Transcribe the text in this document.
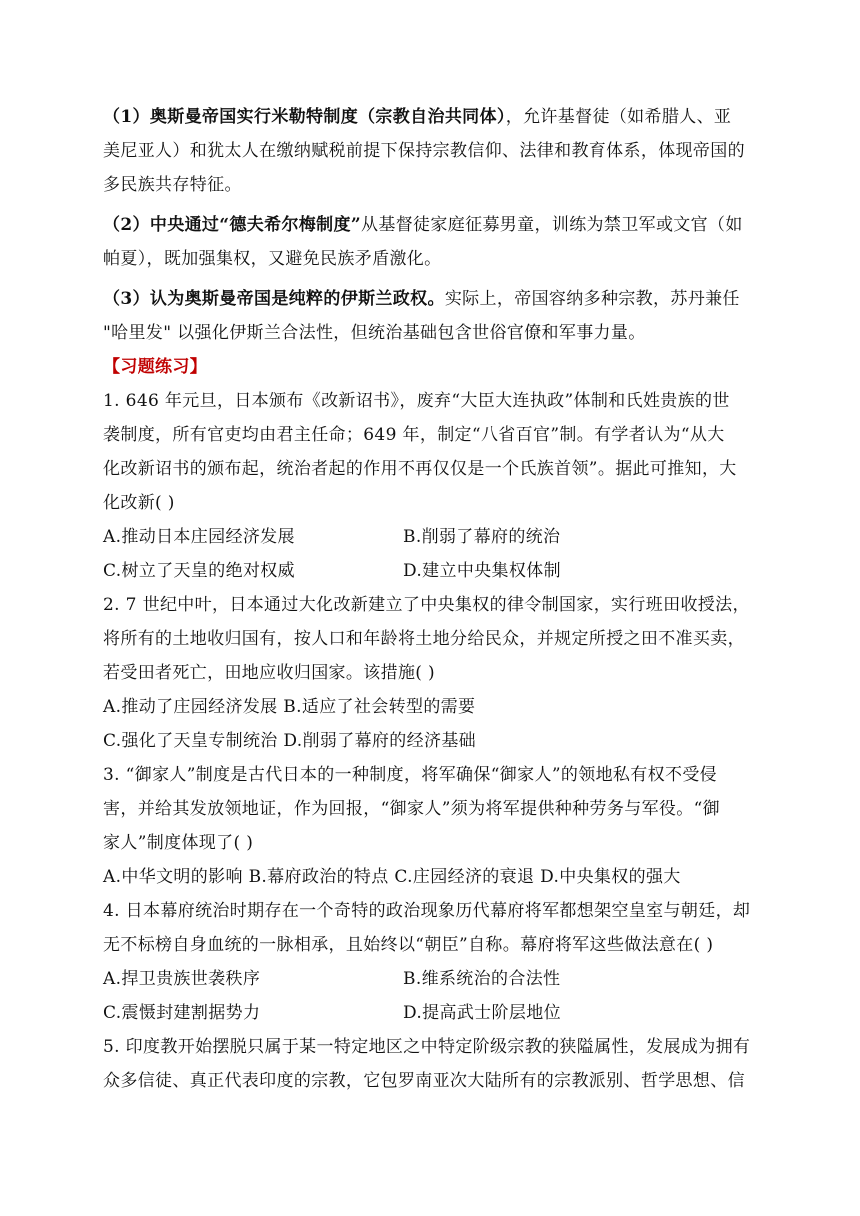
（1）奥斯曼帝国实行米勒特制度（宗教自治共同体），允许基督徒（如希腊人、亚
美尼亚人）和犹太人在缴纳赋税前提下保持宗教信仰、法律和教育体系，体现帝国的
多民族共存特征。
（2）中央通过“德夫希尔梅制度”从基督徒家庭征募男童，训练为禁卫军或文官（如
帕夏），既加强集权，又避免民族矛盾激化。
（3）认为奥斯曼帝国是纯粹的伊斯兰政权。实际上，帝国容纳多种宗教，苏丹兼任
"哈里发" 以强化伊斯兰合法性，但统治基础包含世俗官僚和军事力量。
【习题练习】
1. 646 年元旦，日本颁布《改新诏书》，废弃“大臣大连执政”体制和氏姓贵族的世
袭制度，所有官吏均由君主任命；649 年，制定“八省百官”制。有学者认为“从大
化改新诏书的颁布起，统治者起的作用不再仅仅是一个氏族首领”。据此可推知，大
化改新( )
A.推动日本庄园经济发展	B.削弱了幕府的统治
C.树立了天皇的绝对权威	D.建立中央集权体制
2. 7 世纪中叶，日本通过大化改新建立了中央集权的律令制国家，实行班田收授法，
将所有的土地收归国有，按人口和年龄将土地分给民众，并规定所授之田不准买卖，
若受田者死亡，田地应收归国家。该措施( )
A.推动了庄园经济发展 B.适应了社会转型的需要
C.强化了天皇专制统治 D.削弱了幕府的经济基础
3. “御家人”制度是古代日本的一种制度，将军确保“御家人”的领地私有权不受侵
害，并给其发放领地证，作为回报，“御家人”须为将军提供种种劳务与军役。“御
家人”制度体现了( )
A.中华文明的影响 B.幕府政治的特点 C.庄园经济的衰退 D.中央集权的强大
4. 日本幕府统治时期存在一个奇特的政治现象历代幕府将军都想架空皇室与朝廷，却
无不标榜自身血统的一脉相承，且始终以“朝臣”自称。幕府将军这些做法意在( )
A.捍卫贵族世袭秩序	B.维系统治的合法性
C.震慑封建割据势力	D.提高武士阶层地位
5. 印度教开始摆脱只属于某一特定地区之中特定阶级宗教的狭隘属性，发展成为拥有
众多信徒、真正代表印度的宗教，它包罗南亚次大陆所有的宗教派别、哲学思想、信
